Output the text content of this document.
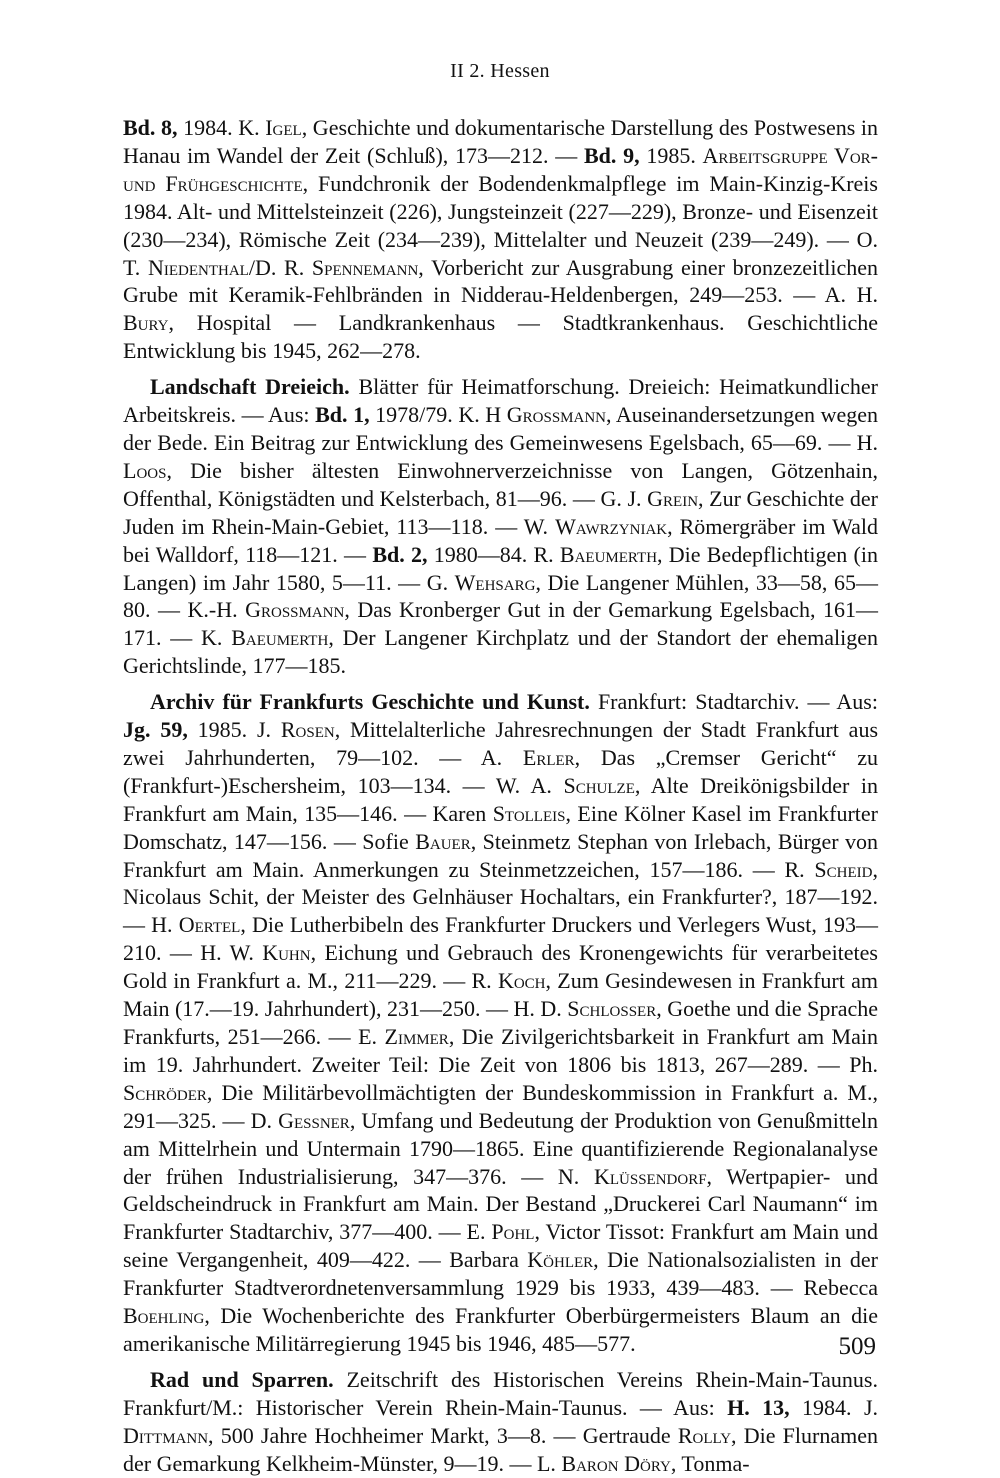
II 2. Hessen

Bd. 8, 1984. K. Igel, Geschichte und dokumentarische Darstellung des Postwesens in Hanau im Wandel der Zeit (Schluß), 173—212. — Bd. 9, 1985. Arbeitsgruppe Vor- und Frühgeschichte, Fundchronik der Bodendenkmalpflege im Main-Kinzig-Kreis 1984. Alt- und Mittelsteinzeit (226), Jungsteinzeit (227—229), Bronze- und Eisenzeit (230—234), Römische Zeit (234—239), Mittelalter und Neuzeit (239—249). — O. T. Niedenthal/D. R. Spennemann, Vorbericht zur Ausgrabung einer bronzezeitlichen Grube mit Keramik-Fehlbränden in Nidderau-Heldenbergen, 249—253. — A. H. Bury, Hospital — Landkrankenhaus — Stadtkrankenhaus. Geschichtliche Entwicklung bis 1945, 262—278.

Landschaft Dreieich. Blätter für Heimatforschung. Dreieich: Heimatkundlicher Arbeitskreis. — Aus: Bd. 1, 1978/79. K. H Grossmann, Auseinandersetzungen wegen der Bede. Ein Beitrag zur Entwicklung des Gemeinwesens Egelsbach, 65—69. — H. Loos, Die bisher ältesten Einwohnerverzeichnisse von Langen, Götzenhain, Offenthal, Königstädten und Kelsterbach, 81—96. — G. J. Grein, Zur Geschichte der Juden im Rhein-Main-Gebiet, 113—118. — W. Wawrzyniak, Römergräber im Wald bei Walldorf, 118—121. — Bd. 2, 1980—84. R. Baeumerth, Die Bedepflichtigen (in Langen) im Jahr 1580, 5—11. — G. Wehsarg, Die Langener Mühlen, 33—58, 65—80. — K.-H. Grossmann, Das Kronberger Gut in der Gemarkung Egelsbach, 161—171. — K. Baeumerth, Der Langener Kirchplatz und der Standort der ehemaligen Gerichtslinde, 177—185.

Archiv für Frankfurts Geschichte und Kunst. Frankfurt: Stadtarchiv. — Aus: Jg. 59, 1985. J. Rosen, Mittelalterliche Jahresrechnungen der Stadt Frankfurt aus zwei Jahrhunderten, 79—102. — A. Erler, Das „Cremser Gericht“ zu (Frankfurt-)Eschersheim, 103—134. — W. A. Schulze, Alte Dreikönigsbilder in Frankfurt am Main, 135—146. — Karen Stolleis, Eine Kölner Kasel im Frankfurter Domschatz, 147—156. — Sofie Bauer, Steinmetz Stephan von Irlebach, Bürger von Frankfurt am Main. Anmerkungen zu Steinmetzzeichen, 157—186. — R. Scheid, Nicolaus Schit, der Meister des Gelnhäuser Hochaltars, ein Frankfurter?, 187—192. — H. Oertel, Die Lutherbibeln des Frankfurter Druckers und Verlegers Wust, 193—210. — H. W. Kuhn, Eichung und Gebrauch des Kronengewichts für verarbeitetes Gold in Frankfurt a. M., 211—229. — R. Koch, Zum Gesindewesen in Frankfurt am Main (17.—19. Jahrhundert), 231—250. — H. D. Schlosser, Goethe und die Sprache Frankfurts, 251—266. — E. Zimmer, Die Zivilgerichtsbarkeit in Frankfurt am Main im 19. Jahrhundert. Zweiter Teil: Die Zeit von 1806 bis 1813, 267—289. — Ph. Schröder, Die Militärbevollmächtigten der Bundeskommission in Frankfurt a. M., 291—325. — D. Gessner, Umfang und Bedeutung der Produktion von Genußmitteln am Mittelrhein und Untermain 1790—1865. Eine quantifizierende Regionalanalyse der frühen Industrialisierung, 347—376. — N. Klüssendorf, Wertpapier- und Geldscheindruck in Frankfurt am Main. Der Bestand „Druckerei Carl Naumann“ im Frankfurter Stadtarchiv, 377—400. — E. Pohl, Victor Tissot: Frankfurt am Main und seine Vergangenheit, 409—422. — Barbara Köhler, Die Nationalsozialisten in der Frankfurter Stadtverordnetenversammlung 1929 bis 1933, 439—483. — Rebecca Boehling, Die Wochenberichte des Frankfurter Oberbürgermeisters Blaum an die amerikanische Militärregierung 1945 bis 1946, 485—577.

Rad und Sparren. Zeitschrift des Historischen Vereins Rhein-Main-Taunus. Frankfurt/M.: Historischer Verein Rhein-Main-Taunus. — Aus: H. 13, 1984. J. Dittmann, 500 Jahre Hochheimer Markt, 3—8. — Gertraude Rolly, Die Flurnamen der Gemarkung Kelkheim-Münster, 9—19. — L. Baron Döry, Tonma-

509
